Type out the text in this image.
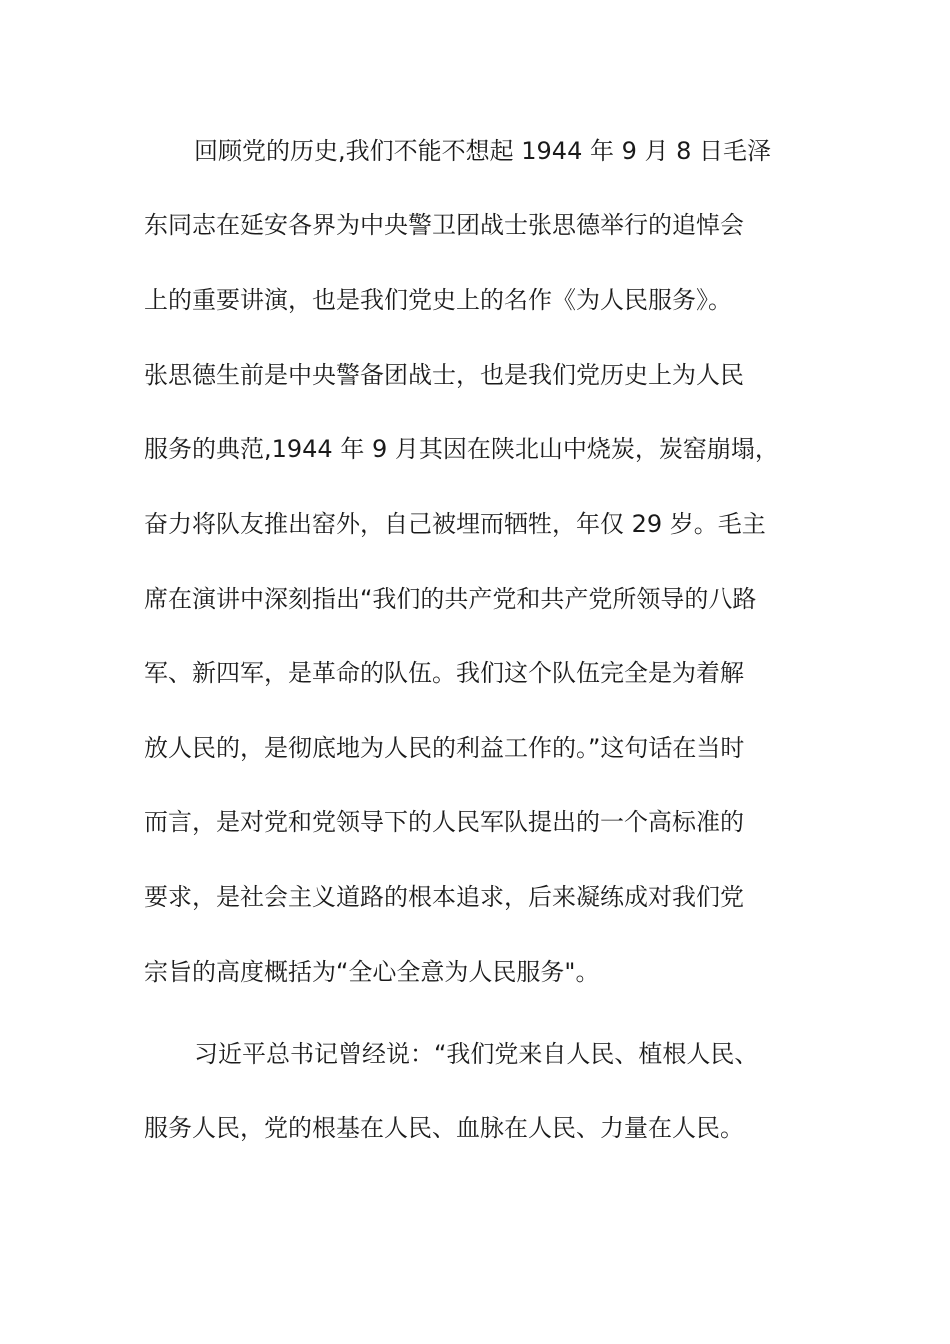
回顾党的历史,我们不能不想起 1944 年 9 月 8 日毛泽
东同志在延安各界为中央警卫团战士张思德举行的追悼会
上的重要讲演，也是我们党史上的名作《为人民服务》。
张思德生前是中央警备团战士，也是我们党历史上为人民
服务的典范,1944 年 9 月其因在陕北山中烧炭，炭窑崩塌，
奋力将队友推出窑外，自己被埋而牺牲，年仅 29 岁。毛主
席在演讲中深刻指出“我们的共产党和共产党所领导的八路
军、新四军，是革命的队伍。我们这个队伍完全是为着解
放人民的，是彻底地为人民的利益工作的。”这句话在当时
而言，是对党和党领导下的人民军队提出的一个高标准的
要求，是社会主义道路的根本追求，后来凝练成对我们党
宗旨的高度概括为“全心全意为人民服务"。
习近平总书记曾经说：“我们党来自人民、植根人民、
服务人民，党的根基在人民、血脉在人民、力量在人民。
